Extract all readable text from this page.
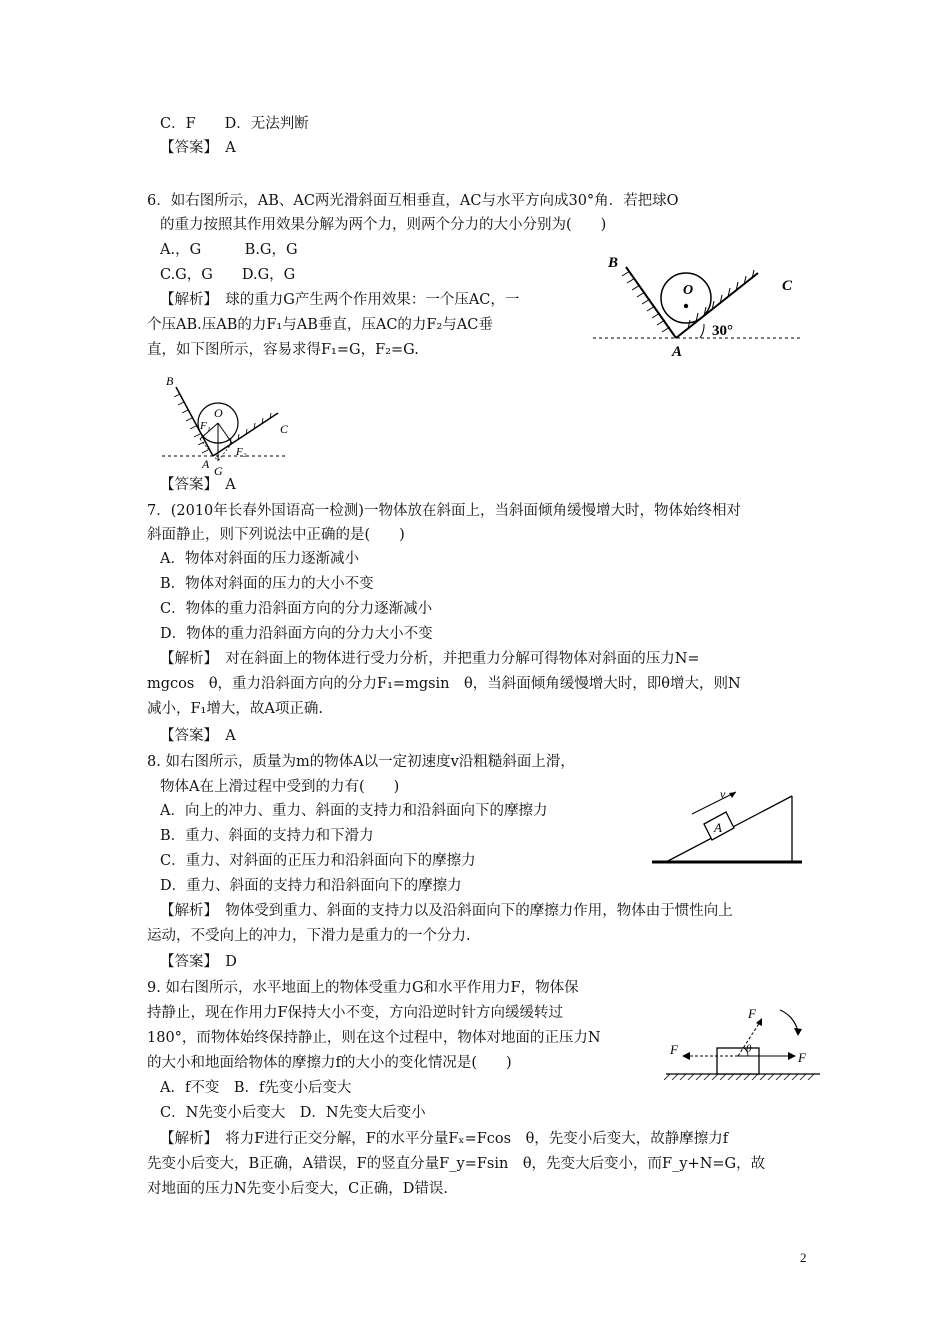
C．F　　D．无法判断
【答案】　A
6．如右图所示，AB、AC两光滑斜面互相垂直，AC与水平方向成30°角．若把球O
的重力按照其作用效果分解为两个力，则两个分力的大小分别为(　　)
A.，G　　　B.G，G
C.G，G　　D.G，G
【解析】　球的重力G产生两个作用效果：一个压AC，一
个压AB.压AB的力F₁与AB垂直，压AC的力F₂与AC垂
直，如下图所示，容易求得F₁=G，F₂=G.
【答案】　A
7．(2010年长春外国语高一检测)一物体放在斜面上，当斜面倾角缓慢增大时，物体始终相对
斜面静止，则下列说法中正确的是(　　)
A．物体对斜面的压力逐渐减小
B．物体对斜面的压力的大小不变
C．物体的重力沿斜面方向的分力逐渐减小
D．物体的重力沿斜面方向的分力大小不变
【解析】　对在斜面上的物体进行受力分析，并把重力分解可得物体对斜面的压力N=
mgcos　θ，重力沿斜面方向的分力F₁=mgsin　θ，当斜面倾角缓慢增大时，即θ增大，则N
减小，F₁增大，故A项正确.
【答案】　A
8. 如右图所示，质量为m的物体A以一定初速度v沿粗糙斜面上滑，
物体A在上滑过程中受到的力有(　　)
A．向上的冲力、重力、斜面的支持力和沿斜面向下的摩擦力
B．重力、斜面的支持力和下滑力
C．重力、对斜面的正压力和沿斜面向下的摩擦力
D．重力、斜面的支持力和沿斜面向下的摩擦力
【解析】　物体受到重力、斜面的支持力以及沿斜面向下的摩擦力作用，物体由于惯性向上
运动，不受向上的冲力，下滑力是重力的一个分力.
【答案】　D
9. 如右图所示，水平地面上的物体受重力G和水平作用力F，物体保
持静止，现在作用力F保持大小不变，方向沿逆时针方向缓缓转过
180°，而物体始终保持静止，则在这个过程中，物体对地面的正压力N
的大小和地面给物体的摩擦力f的大小的变化情况是(　　)
A．f不变　B．f先变小后变大
C．N先变小后变大　D．N先变大后变小
【解析】　将力F进行正交分解，F的水平分量Fₓ=Fcos　θ，先变小后变大，故静摩擦力f
先变小后变大，B正确，A错误，F的竖直分量F_y=Fsin　θ，先变大后变小，而F_y+N=G，故
对地面的压力N先变小后变大，C正确，D错误.
B
C
O
A
30°
B
O
F₁	C
A
F₂
G
A
v
F
F	θ
F
2
